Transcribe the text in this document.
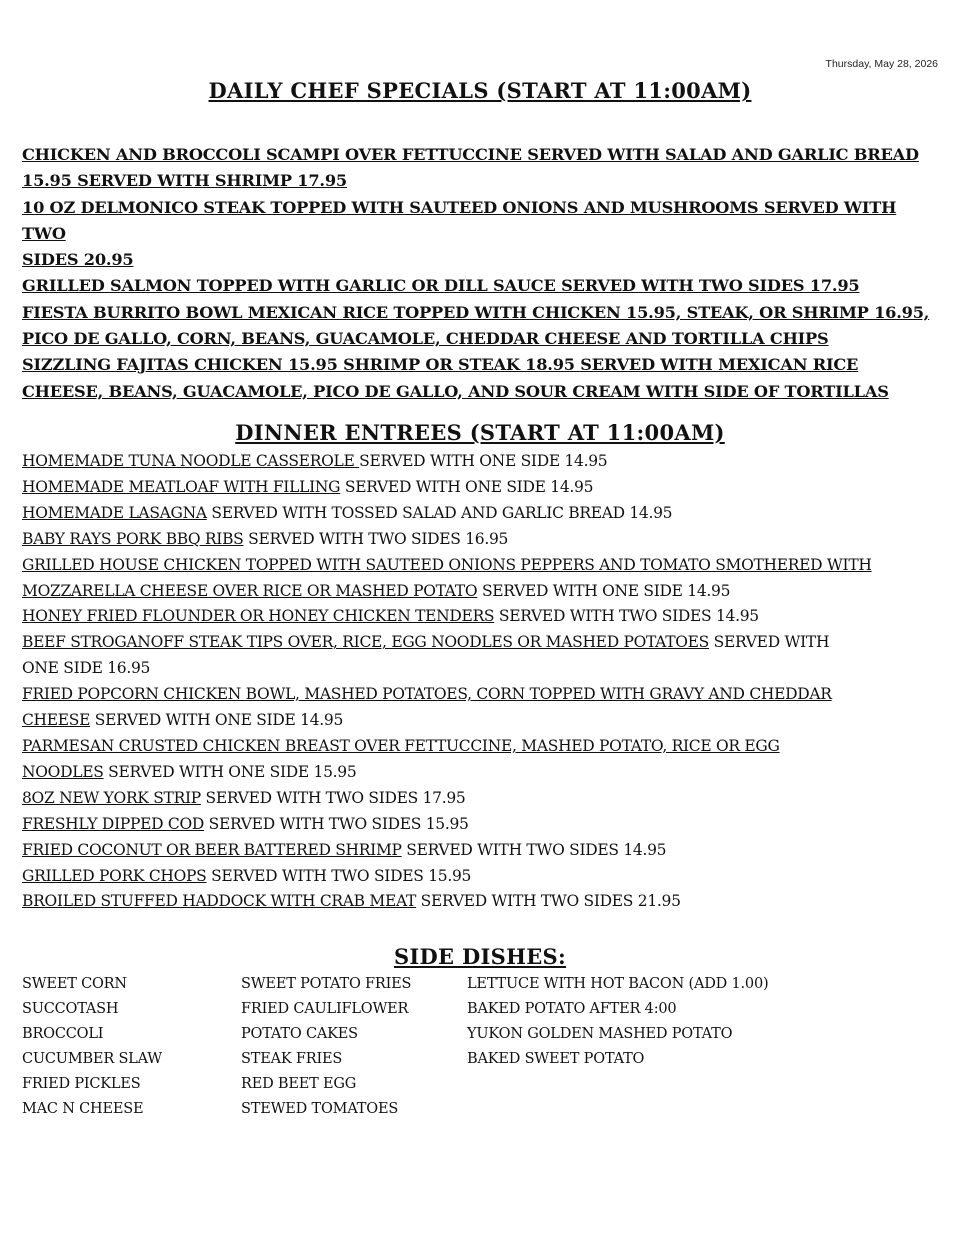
Thursday, May 28, 2026
DAILY CHEF SPECIALS (START AT 11:00AM)
CHICKEN AND BROCCOLI SCAMPI OVER FETTUCCINE SERVED WITH SALAD AND GARLIC BREAD
15.95 SERVED WITH SHRIMP 17.95
10 OZ DELMONICO STEAK TOPPED WITH SAUTEED ONIONS AND MUSHROOMS SERVED WITH TWO
SIDES 20.95
GRILLED SALMON TOPPED WITH GARLIC OR DILL SAUCE SERVED WITH TWO SIDES 17.95
FIESTA BURRITO BOWL MEXICAN RICE TOPPED WITH CHICKEN 15.95, STEAK, OR SHRIMP 16.95,
PICO DE GALLO, CORN, BEANS, GUACAMOLE, CHEDDAR CHEESE AND TORTILLA CHIPS
SIZZLING FAJITAS CHICKEN 15.95 SHRIMP OR STEAK 18.95 SERVED WITH MEXICAN RICE
CHEESE, BEANS, GUACAMOLE, PICO DE GALLO, AND SOUR CREAM WITH SIDE OF TORTILLAS
DINNER ENTREES (START AT 11:00AM)
HOMEMADE TUNA NOODLE CASSEROLE SERVED WITH ONE SIDE 14.95
HOMEMADE MEATLOAF WITH FILLING SERVED WITH ONE SIDE 14.95
HOMEMADE LASAGNA SERVED WITH TOSSED SALAD AND GARLIC BREAD 14.95
BABY RAYS PORK BBQ RIBS SERVED WITH TWO SIDES 16.95
GRILLED HOUSE CHICKEN TOPPED WITH SAUTEED ONIONS PEPPERS AND TOMATO SMOTHERED WITH
MOZZARELLA CHEESE OVER RICE OR MASHED POTATO SERVED WITH ONE SIDE 14.95
HONEY FRIED FLOUNDER OR HONEY CHICKEN TENDERS SERVED WITH TWO SIDES 14.95
BEEF STROGANOFF STEAK TIPS OVER, RICE, EGG NOODLES OR MASHED POTATOES SERVED WITH
ONE SIDE 16.95
FRIED POPCORN CHICKEN BOWL, MASHED POTATOES, CORN TOPPED WITH GRAVY AND CHEDDAR
CHEESE SERVED WITH ONE SIDE 14.95
PARMESAN CRUSTED CHICKEN BREAST OVER FETTUCCINE, MASHED POTATO, RICE OR EGG
NOODLES SERVED WITH ONE SIDE 15.95
8OZ NEW YORK STRIP SERVED WITH TWO SIDES 17.95
FRESHLY DIPPED COD SERVED WITH TWO SIDES 15.95
FRIED COCONUT OR BEER BATTERED SHRIMP SERVED WITH TWO SIDES 14.95
GRILLED PORK CHOPS SERVED WITH TWO SIDES 15.95
BROILED STUFFED HADDOCK WITH CRAB MEAT SERVED WITH TWO SIDES 21.95
SIDE DISHES:
SWEET CORN
SUCCOTASH
BROCCOLI
CUCUMBER SLAW
FRIED PICKLES
MAC N CHEESE
SWEET POTATO FRIES
FRIED CAULIFLOWER
POTATO CAKES
STEAK FRIES
RED BEET EGG
STEWED TOMATOES
LETTUCE WITH HOT BACON (ADD 1.00)
BAKED POTATO AFTER 4:00
YUKON GOLDEN MASHED POTATO
BAKED SWEET POTATO
